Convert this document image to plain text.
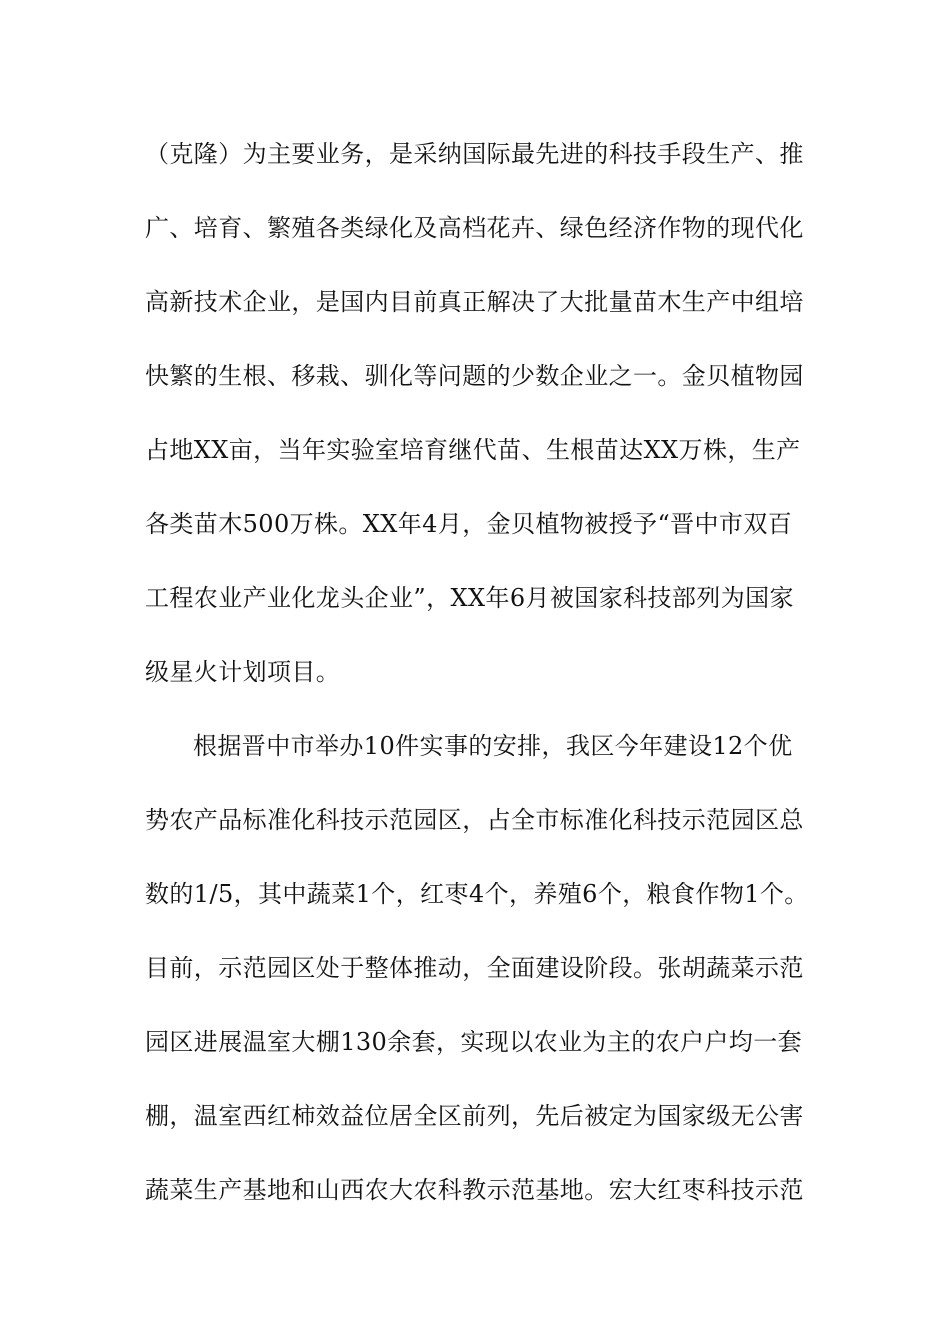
（克隆）为主要业务，是采纳国际最先进的科技手段生产、推
广、培育、繁殖各类绿化及高档花卉、绿色经济作物的现代化
高新技术企业，是国内目前真正解决了大批量苗木生产中组培
快繁的生根、移栽、驯化等问题的少数企业之一。金贝植物园
占地XX亩，当年实验室培育继代苗、生根苗达XX万株，生产
各类苗木500万株。XX年4月，金贝植物被授予“晋中市双百
工程农业产业化龙头企业”，XX年6月被国家科技部列为国家
级星火计划项目。
根据晋中市举办10件实事的安排，我区今年建设12个优
势农产品标准化科技示范园区，占全市标准化科技示范园区总
数的1/5，其中蔬菜1个，红枣4个，养殖6个，粮食作物1个。
目前，示范园区处于整体推动，全面建设阶段。张胡蔬菜示范
园区进展温室大棚130余套，实现以农业为主的农户户均一套
棚，温室西红柿效益位居全区前列，先后被定为国家级无公害
蔬菜生产基地和山西农大农科教示范基地。宏大红枣科技示范
